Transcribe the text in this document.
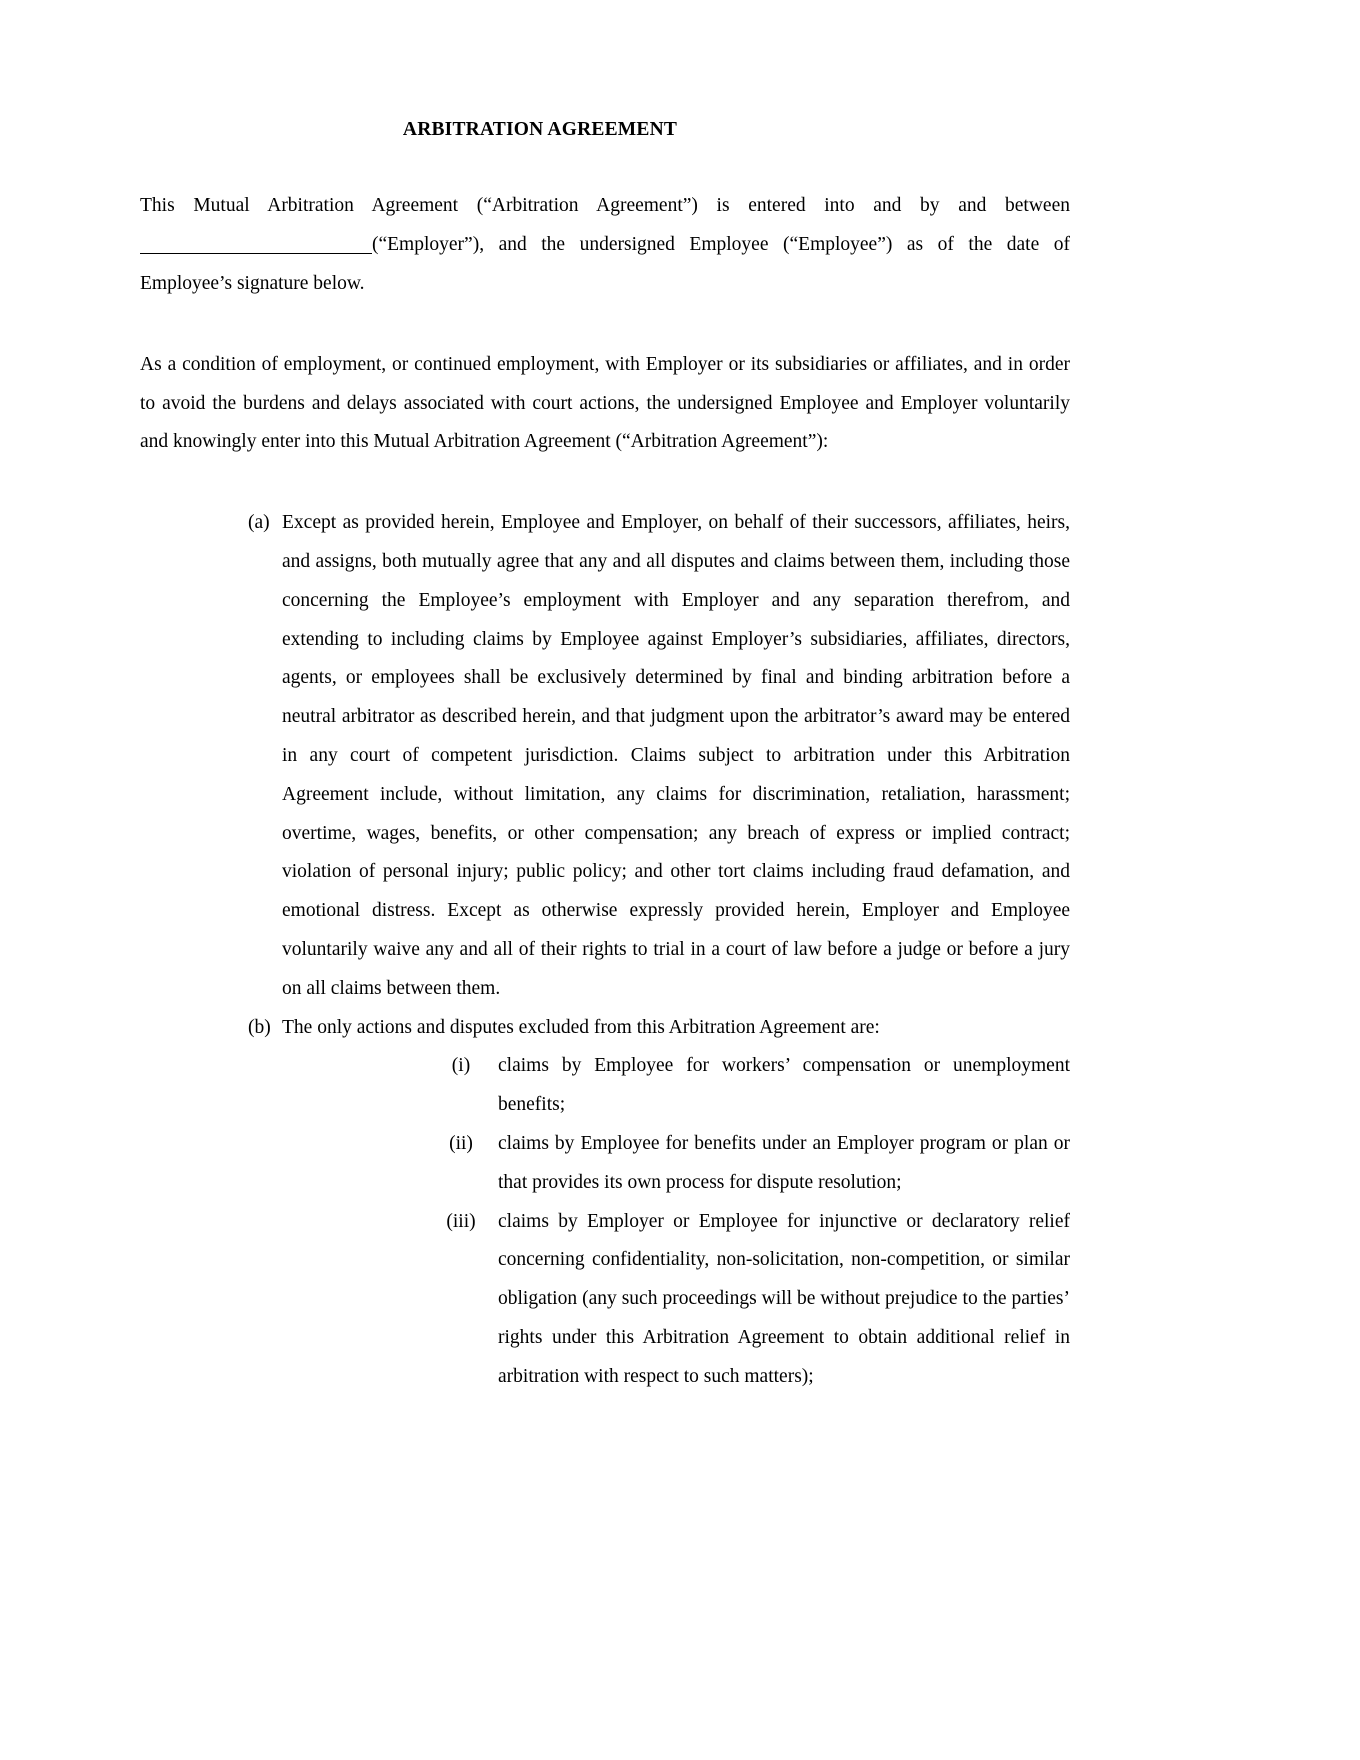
ARBITRATION AGREEMENT

This Mutual Arbitration Agreement (“Arbitration Agreement”) is entered into and by and between (“Employer”), and the undersigned Employee (“Employee”) as of the date of Employee’s signature below.

As a condition of employment, or continued employment, with Employer or its subsidiaries or affiliates, and in order to avoid the burdens and delays associated with court actions, the undersigned Employee and Employer voluntarily and knowingly enter into this Mutual Arbitration Agreement (“Arbitration Agreement”):

(a) Except as provided herein, Employee and Employer, on behalf of their successors, affiliates, heirs, and assigns, both mutually agree that any and all disputes and claims between them, including those concerning the Employee’s employment with Employer and any separation therefrom, and extending to including claims by Employee against Employer’s subsidiaries, affiliates, directors, agents, or employees shall be exclusively determined by final and binding arbitration before a neutral arbitrator as described herein, and that judgment upon the arbitrator’s award may be entered in any court of competent jurisdiction. Claims subject to arbitration under this Arbitration Agreement include, without limitation, any claims for discrimination, retaliation, harassment; overtime, wages, benefits, or other compensation; any breach of express or implied contract; violation of personal injury; public policy; and other tort claims including fraud defamation, and emotional distress. Except as otherwise expressly provided herein, Employer and Employee voluntarily waive any and all of their rights to trial in a court of law before a judge or before a jury on all claims between them.
(b) The only actions and disputes excluded from this Arbitration Agreement are:
(i)	claims by Employee for workers’ compensation or unemployment benefits;
(ii)	claims by Employee for benefits under an Employer program or plan or that provides its own process for dispute resolution;
(iii)	claims by Employer or Employee for injunctive or declaratory relief concerning confidentiality, non-solicitation, non-competition, or similar obligation (any such proceedings will be without prejudice to the parties’ rights under this Arbitration Agreement to obtain additional relief in arbitration with respect to such matters);
